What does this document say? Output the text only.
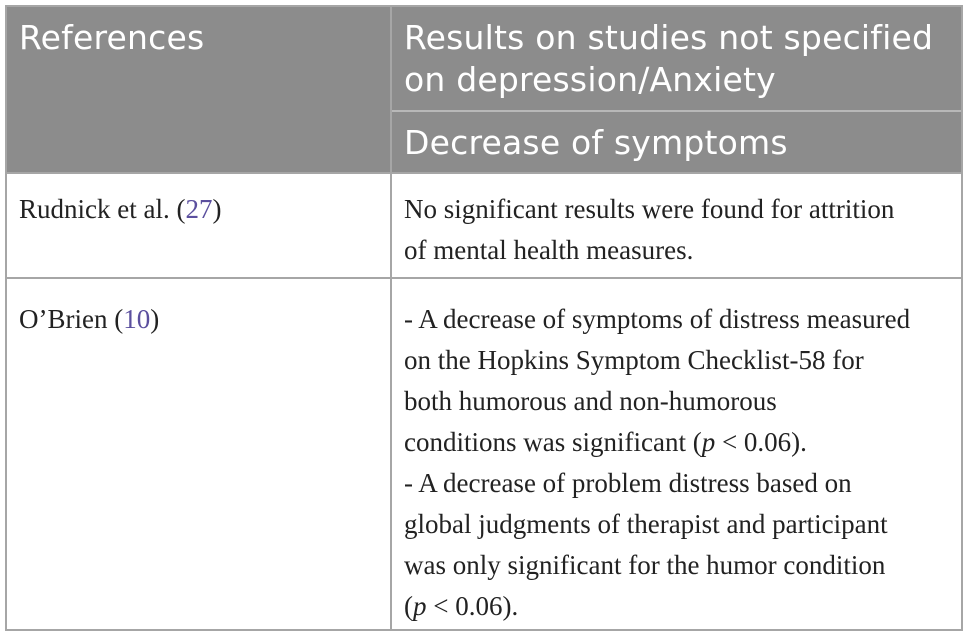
References	Results on studies not specified
on depression/Anxiety
Decrease of symptoms
Rudnick et al. (27)	No significant results were found for attrition
of mental health measures.
O’Brien (10)	- A decrease of symptoms of distress measured
on the Hopkins Symptom Checklist-58 for
both humorous and non-humorous
conditions was significant (p < 0.06).
- A decrease of problem distress based on
global judgments of therapist and participant
was only significant for the humor condition
(p < 0.06).
